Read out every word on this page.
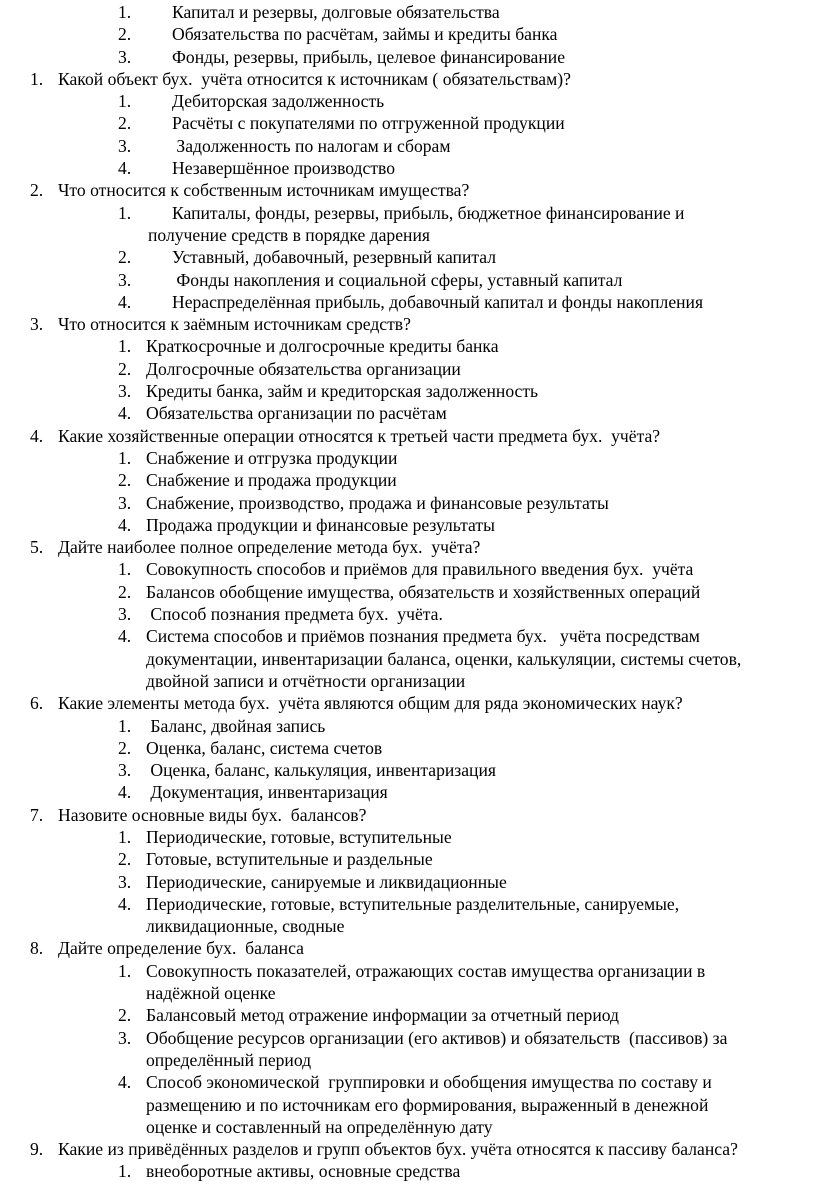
1. Капитал и резервы, долговые обязательства
2. Обязательства по расчётам, займы и кредиты банка
3. Фонды, резервы, прибыль, целевое финансирование
1. Какой объект бух.  учёта относится к источникам ( обязательствам)?
1. Дебиторская задолженность
2. Расчёты с покупателями по отгруженной продукции
3. Задолженность по налогам и сборам
4. Незавершённое производство
2. Что относится к собственным источникам имущества?
1. Капиталы, фонды, резервы, прибыль, бюджетное финансирование и
получение средств в порядке дарения
2. Уставный, добавочный, резервный капитал
3. Фонды накопления и социальной сферы, уставный капитал
4. Нераспределённая прибыль, добавочный капитал и фонды накопления
3. Что относится к заёмным источникам средств?
1. Краткосрочные и долгосрочные кредиты банка
2. Долгосрочные обязательства организации
3. Кредиты банка, займ и кредиторская задолженность
4. Обязательства организации по расчётам
4. Какие хозяйственные операции относятся к третьей части предмета бух.  учёта?
1. Снабжение и отгрузка продукции
2. Снабжение и продажа продукции
3. Снабжение, производство, продажа и финансовые результаты
4. Продажа продукции и финансовые результаты
5. Дайте наиболее полное определение метода бух.  учёта?
1. Совокупность способов и приёмов для правильного введения бух.  учёта
2. Балансов обобщение имущества, обязательств и хозяйственных операций
3. Способ познания предмета бух.  учёта.
4. Система способов и приёмов познания предмета бух.   учёта посредствам
документации, инвентаризации баланса, оценки, калькуляции, системы счетов,
двойной записи и отчётности организации
6. Какие элементы метода бух.  учёта являются общим для ряда экономических наук?
1. Баланс, двойная запись
2. Оценка, баланс, система счетов
3. Оценка, баланс, калькуляция, инвентаризация
4. Документация, инвентаризация
7. Назовите основные виды бух.  балансов?
1. Периодические, готовые, вступительные
2. Готовые, вступительные и раздельные
3. Периодические, санируемые и ликвидационные
4. Периодические, готовые, вступительные разделительные, санируемые,
ликвидационные, сводные
8. Дайте определение бух.  баланса
1. Совокупность показателей, отражающих состав имущества организации в
надёжной оценке
2. Балансовый метод отражение информации за отчетный период
3. Обобщение ресурсов организации (его активов) и обязательств  (пассивов) за
определённый период
4. Способ экономической  группировки и обобщения имущества по составу и
размещению и по источникам его формирования, выраженный в денежной
оценке и составленный на определённую дату
9. Какие из привёдённых разделов и групп объектов бух. учёта относятся к пассиву баланса?
1. внеоборотные активы, основные средства
